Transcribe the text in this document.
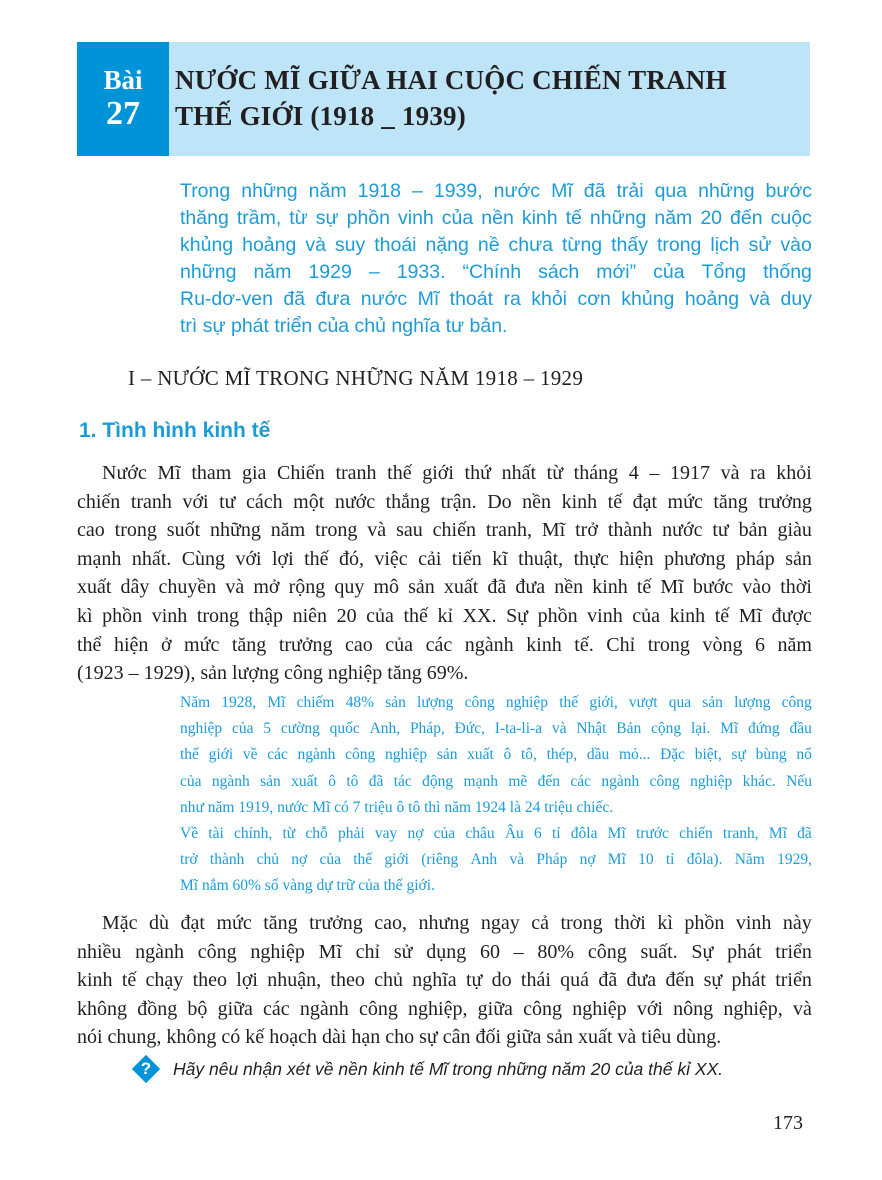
Bài
27
NƯỚC MĨ GIỮA HAI CUỘC CHIẾN TRANH
THẾ GIỚI (1918 _ 1939)
Trong những năm 1918 – 1939, nước Mĩ đã trải qua những bước
thăng trầm, từ sự phồn vinh của nền kinh tế những năm 20 đến cuộc
khủng hoảng và suy thoái nặng nề chưa từng thấy trong lịch sử vào
những năm 1929 – 1933. “Chính sách mới” của Tổng thống
Ru-dơ-ven đã đưa nước Mĩ thoát ra khỏi cơn khủng hoảng và duy
trì sự phát triển của chủ nghĩa tư bản.
I – NƯỚC MĨ TRONG NHỮNG NĂM 1918 – 1929
1. Tình hình kinh tế
Nước Mĩ tham gia Chiến tranh thế giới thứ nhất từ tháng 4 – 1917 và ra khỏi
chiến tranh với tư cách một nước thắng trận. Do nền kinh tế đạt mức tăng trưởng
cao trong suốt những năm trong và sau chiến tranh, Mĩ trở thành nước tư bản giàu
mạnh nhất. Cùng với lợi thế đó, việc cải tiến kĩ thuật, thực hiện phương pháp sản
xuất dây chuyền và mở rộng quy mô sản xuất đã đưa nền kinh tế Mĩ bước vào thời
kì phồn vinh trong thập niên 20 của thế kỉ XX. Sự phồn vinh của kinh tế Mĩ được
thể hiện ở mức tăng trưởng cao của các ngành kinh tế. Chỉ trong vòng 6 năm
(1923 – 1929), sản lượng công nghiệp tăng 69%.
Năm 1928, Mĩ chiếm 48% sản lượng công nghiệp thế giới, vượt qua sản lượng công
nghiệp của 5 cường quốc Anh, Pháp, Đức, I-ta-li-a và Nhật Bản cộng lại. Mĩ đứng đầu
thế giới về các ngành công nghiệp sản xuất ô tô, thép, dầu mỏ... Đặc biệt, sự bùng nổ
của ngành sản xuất ô tô đã tác động mạnh mẽ đến các ngành công nghiệp khác. Nếu
như năm 1919, nước Mĩ có 7 triệu ô tô thì năm 1924 là 24 triệu chiếc.
Về tài chính, từ chỗ phải vay nợ của châu Âu 6 tỉ đôla Mĩ trước chiến tranh, Mĩ đã
trở thành chủ nợ của thế giới (riêng Anh và Pháp nợ Mĩ 10 tỉ đôla). Năm 1929,
Mĩ nắm 60% số vàng dự trữ của thế giới.
Mặc dù đạt mức tăng trưởng cao, nhưng ngay cả trong thời kì phồn vinh này
nhiều ngành công nghiệp Mĩ chỉ sử dụng 60 – 80% công suất. Sự phát triển
kinh tế chạy theo lợi nhuận, theo chủ nghĩa tự do thái quá đã đưa đến sự phát triển
không đồng bộ giữa các ngành công nghiệp, giữa công nghiệp với nông nghiệp, và
nói chung, không có kế hoạch dài hạn cho sự cân đối giữa sản xuất và tiêu dùng.
?	Hãy nêu nhận xét về nền kinh tế Mĩ trong những năm 20 của thế kỉ XX.
173
